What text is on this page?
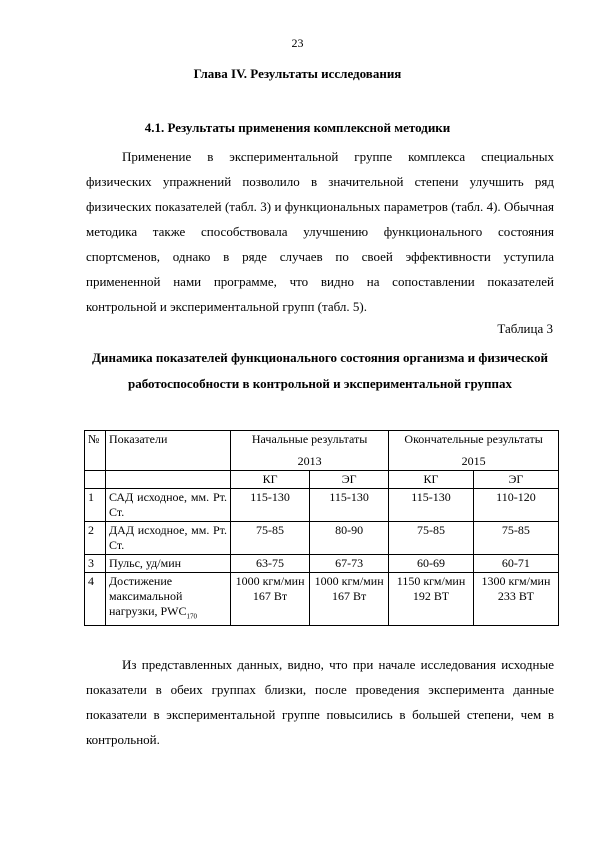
23
Глава IV. Результаты исследования
4.1. Результаты применения комплексной методики

Применение в экспериментальной группе комплекса специальных физических упражнений позволило в значительной степени улучшить ряд физических показателей (табл. 3) и функциональных параметров (табл. 4). Обычная методика также способствовала улучшению функционального состояния спортсменов, однако в ряде случаев по своей эффективности уступила примененной нами программе, что видно на сопоставлении показателей контрольной и экспериментальной групп (табл. 5).

Таблица 3
Динамика показателей функционального состояния организма и физической работоспособности в контрольной и экспериментальной группах
№	Показатели	Начальные результаты		Окончательные результаты	
		2013		2015	
		КГ	ЭГ	КГ	ЭГ
1	САД исходное, мм. Рт. Ст.	115-130	115-130	115-130	110-120
2	ДАД исходное, мм. Рт. Ст.	75-85	80-90	75-85	75-85
3	Пульс, уд/мин	63-75	67-73	60-69	60-71
4	Достижение максимальной нагрузки, $PWC_{170}$	1000 кгм/мин 167 Вт	1000 кгм/мин 167 Вт	1150 кгм/мин 192 ВТ	1300 кгм/мин 233 ВТ

Из представленных данных, видно, что при начале исследования исходные показатели в обеих группах близки, после проведения эксперимента данные показатели в экспериментальной группе повысились в большей степени, чем в контрольной.
